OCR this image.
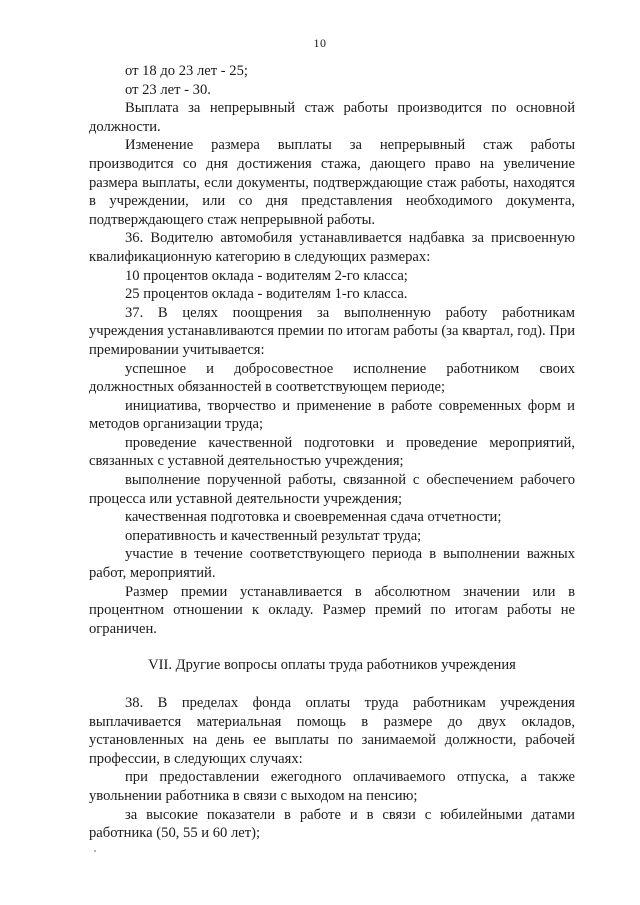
10

от 18 до 23 лет - 25;

от 23 лет - 30.

Выплата за непрерывный стаж работы производится по основной должности.

Изменение размера выплаты за непрерывный стаж работы производится со дня достижения стажа, дающего право на увеличение размера выплаты, если документы, подтверждающие стаж работы, находятся в учреждении, или со дня представления необходимого документа, подтверждающего стаж непрерывной работы.

36. Водителю автомобиля устанавливается надбавка за присвоенную квалификационную категорию в следующих размерах:

10 процентов оклада - водителям 2-го класса;

25 процентов оклада - водителям 1-го класса.

37. В целях поощрения за выполненную работу работникам учреждения устанавливаются премии по итогам работы (за квартал, год). При премировании учитывается:

успешное и добросовестное исполнение работником своих должностных обязанностей в соответствующем периоде;

инициатива, творчество и применение в работе современных форм и методов организации труда;

проведение качественной подготовки и проведение мероприятий, связанных с уставной деятельностью учреждения;

выполнение порученной работы, связанной с обеспечением рабочего процесса или уставной деятельности учреждения;

качественная подготовка и своевременная сдача отчетности;

оперативность и качественный результат труда;

участие в течение соответствующего периода в выполнении важных работ, мероприятий.

Размер премии устанавливается в абсолютном значении или в процентном отношении к окладу. Размер премий по итогам работы не ограничен.

VII. Другие вопросы оплаты труда работников учреждения

38. В пределах фонда оплаты труда работникам учреждения выплачивается материальная помощь в размере до двух окладов, установленных на день ее выплаты по занимаемой должности, рабочей профессии, в следующих случаях:

при предоставлении ежегодного оплачиваемого отпуска, а также увольнении работника в связи с выходом на пенсию;

за высокие показатели в работе и в связи с юбилейными датами работника (50, 55 и 60 лет);
